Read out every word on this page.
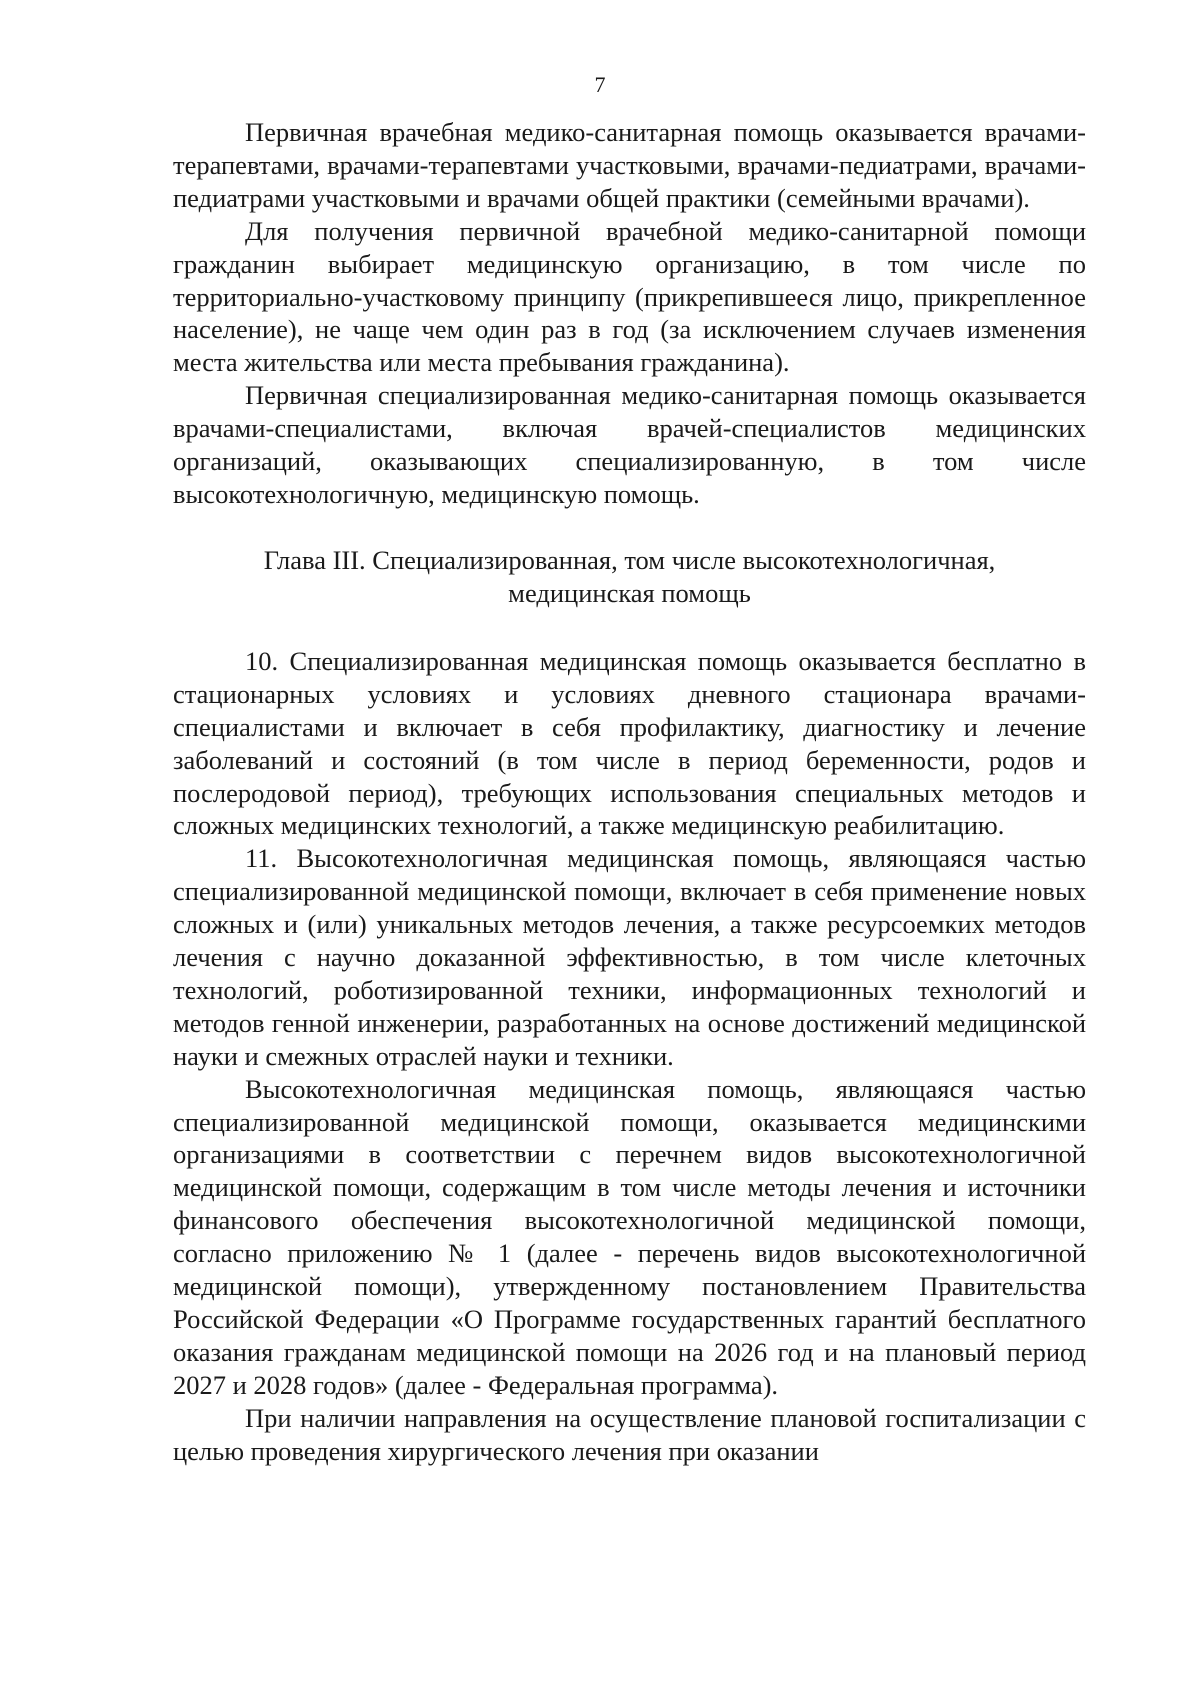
7

Первичная врачебная медико-санитарная помощь оказывается врачами-терапевтами, врачами-терапевтами участковыми, врачами-педиатрами, врачами-педиатрами участковыми и врачами общей практики (семейными врачами).

Для получения первичной врачебной медико-санитарной помощи гражданин выбирает медицинскую организацию, в том числе по территориально-участковому принципу (прикрепившееся лицо, прикрепленное население), не чаще чем один раз в год (за исключением случаев изменения места жительства или места пребывания гражданина).

Первичная специализированная медико-санитарная помощь оказывается врачами-специалистами, включая врачей-специалистов медицинских организаций, оказывающих специализированную, в том числе высокотехнологичную, медицинскую помощь.

Глава III. Специализированная, том числе высокотехнологичная,
медицинская помощь

10. Специализированная медицинская помощь оказывается бесплатно в стационарных условиях и условиях дневного стационара врачами-специалистами и включает в себя профилактику, диагностику и лечение заболеваний и состояний (в том числе в период беременности, родов и послеродовой период), требующих использования специальных методов и сложных медицинских технологий, а также медицинскую реабилитацию.

11. Высокотехнологичная медицинская помощь, являющаяся частью специализированной медицинской помощи, включает в себя применение новых сложных и (или) уникальных методов лечения, а также ресурсоемких методов лечения с научно доказанной эффективностью, в том числе клеточных технологий, роботизированной техники, информационных технологий и методов генной инженерии, разработанных на основе достижений медицинской науки и смежных отраслей науки и техники.

Высокотехнологичная медицинская помощь, являющаяся частью специализированной медицинской помощи, оказывается медицинскими организациями в соответствии с перечнем видов высокотехнологичной медицинской помощи, содержащим в том числе методы лечения и источники финансового обеспечения высокотехнологичной медицинской помощи, согласно приложению № 1 (далее - перечень видов высокотехнологичной медицинской помощи), утвержденному постановлением Правительства Российской Федерации «О Программе государственных гарантий бесплатного оказания гражданам медицинской помощи на 2026 год и на плановый период 2027 и 2028 годов» (далее - Федеральная программа).

При наличии направления на осуществление плановой госпитализации с целью проведения хирургического лечения при оказании
